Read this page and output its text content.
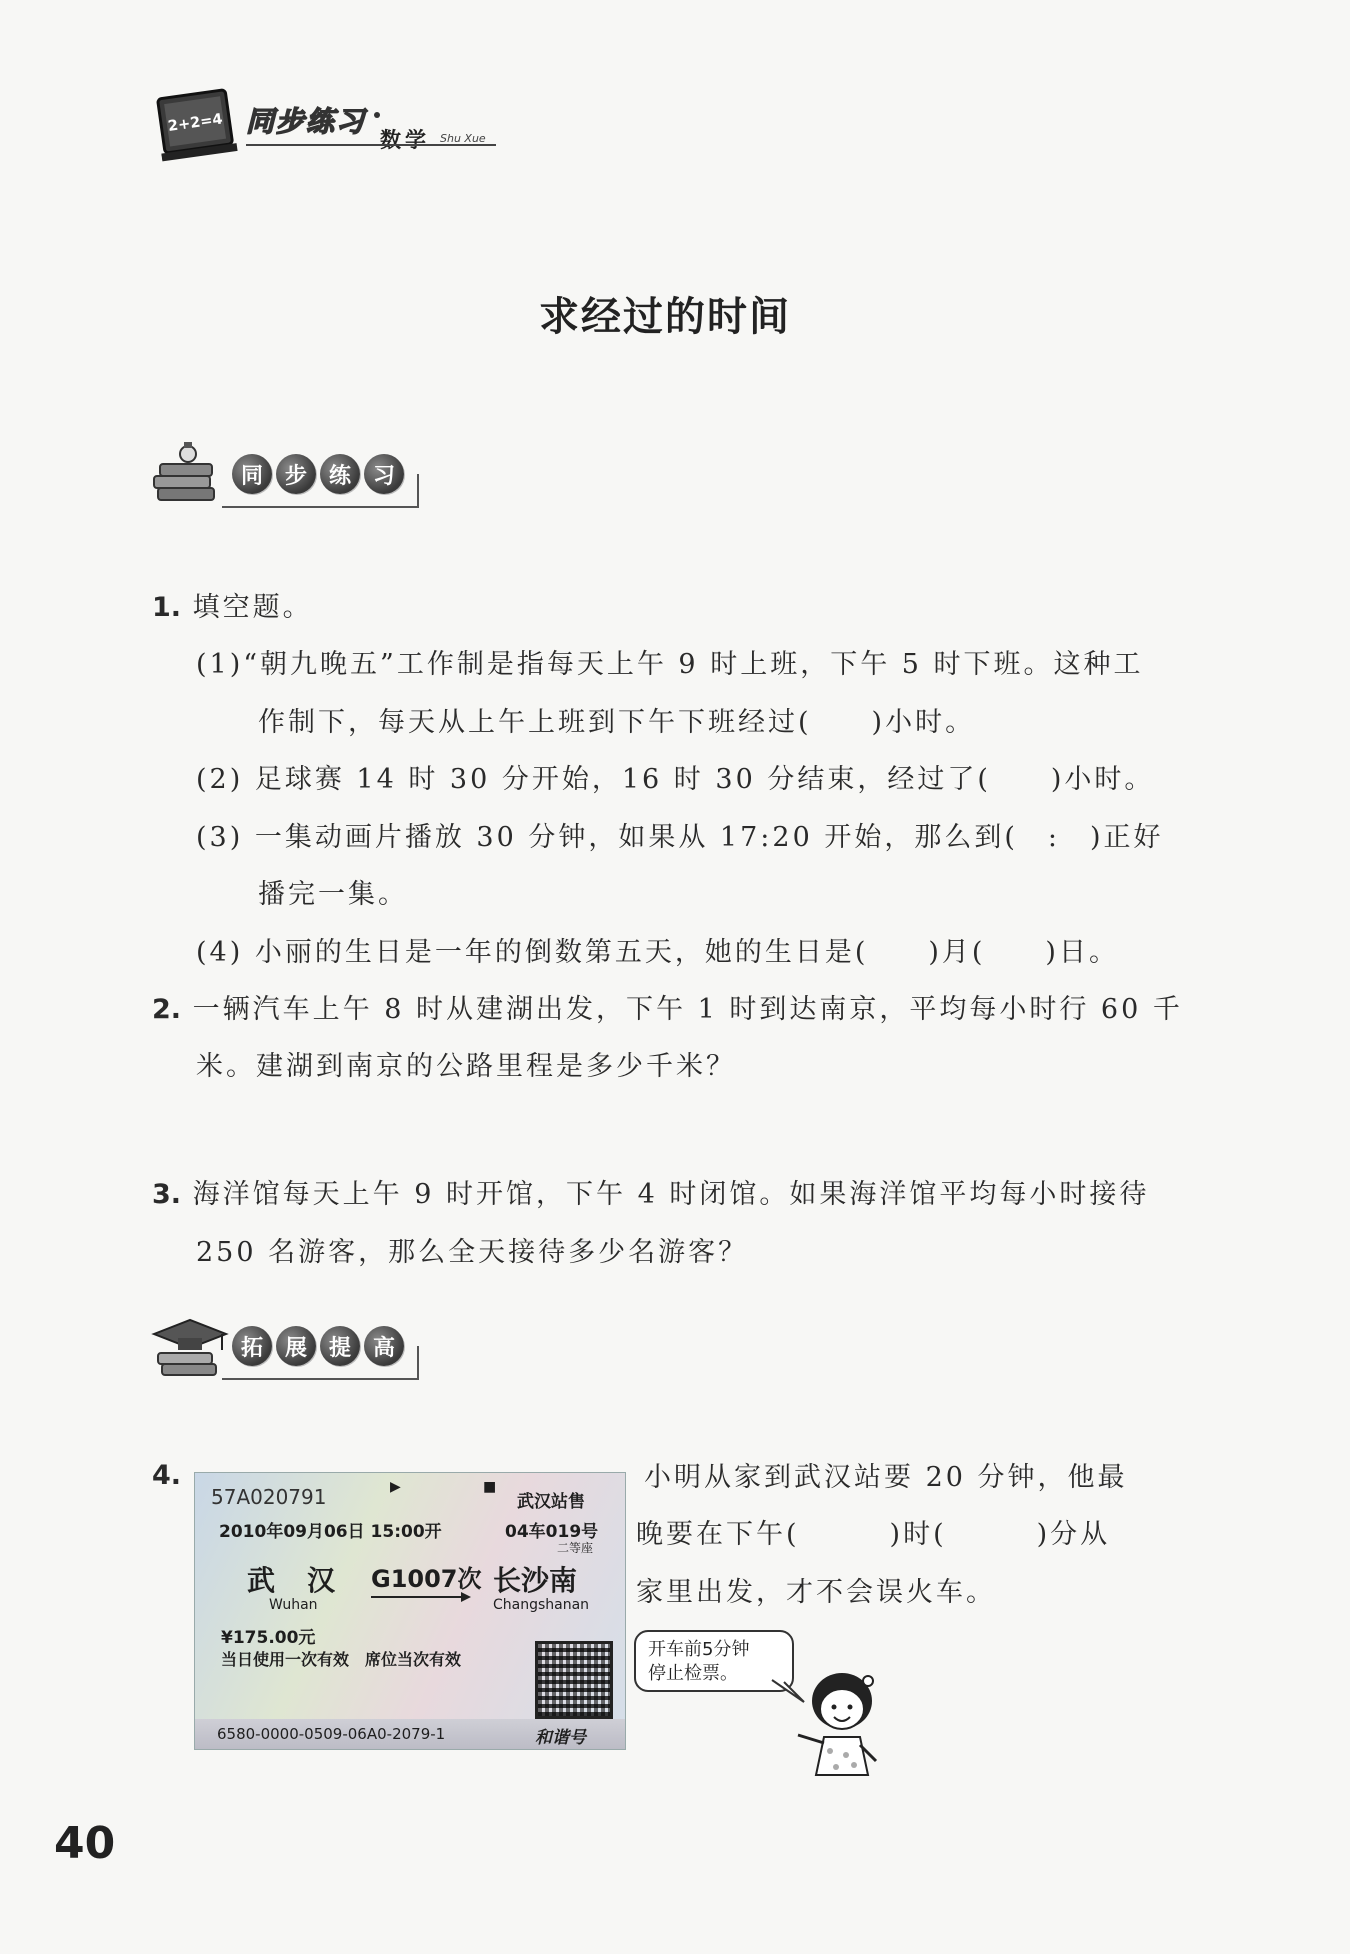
2+2=4 同步练习
数学 Shu Xue
求经过的时间
同 步 练 习
1. 填空题。
(1)“朝九晚五”工作制是指每天上午 9 时上班，下午 5 时下班。这种工
作制下，每天从上午上班到下午下班经过(　　)小时。
(2) 足球赛 14 时 30 分开始，16 时 30 分结束，经过了(　　)小时。
(3) 一集动画片播放 30 分钟，如果从 17:20 开始，那么到(　:　)正好
播完一集。
(4) 小丽的生日是一年的倒数第五天，她的生日是(　　)月(　　)日。
2. 一辆汽车上午 8 时从建湖出发，下午 1 时到达南京，平均每小时行 60 千
米。建湖到南京的公路里程是多少千米？
3. 海洋馆每天上午 9 时开馆，下午 4 时闭馆。如果海洋馆平均每小时接待
250 名游客，那么全天接待多少名游客？
拓 展 提 高
4.
57A020791	▶	■
武汉站售
2010年09月06日 15:00开	04车019号
二等座
武　汉
Wuhan
G1007次 长沙南
Changshanan
¥175.00元
当日使用一次有效　席位当次有效
6580-0000-0509-06A0-2079-1	和谐号
小明从家到武汉站要 20 分钟，他最
晚要在下午(　　　)时(　　　)分从
家里出发，才不会误火车。
开车前5分钟
停止检票。
40
